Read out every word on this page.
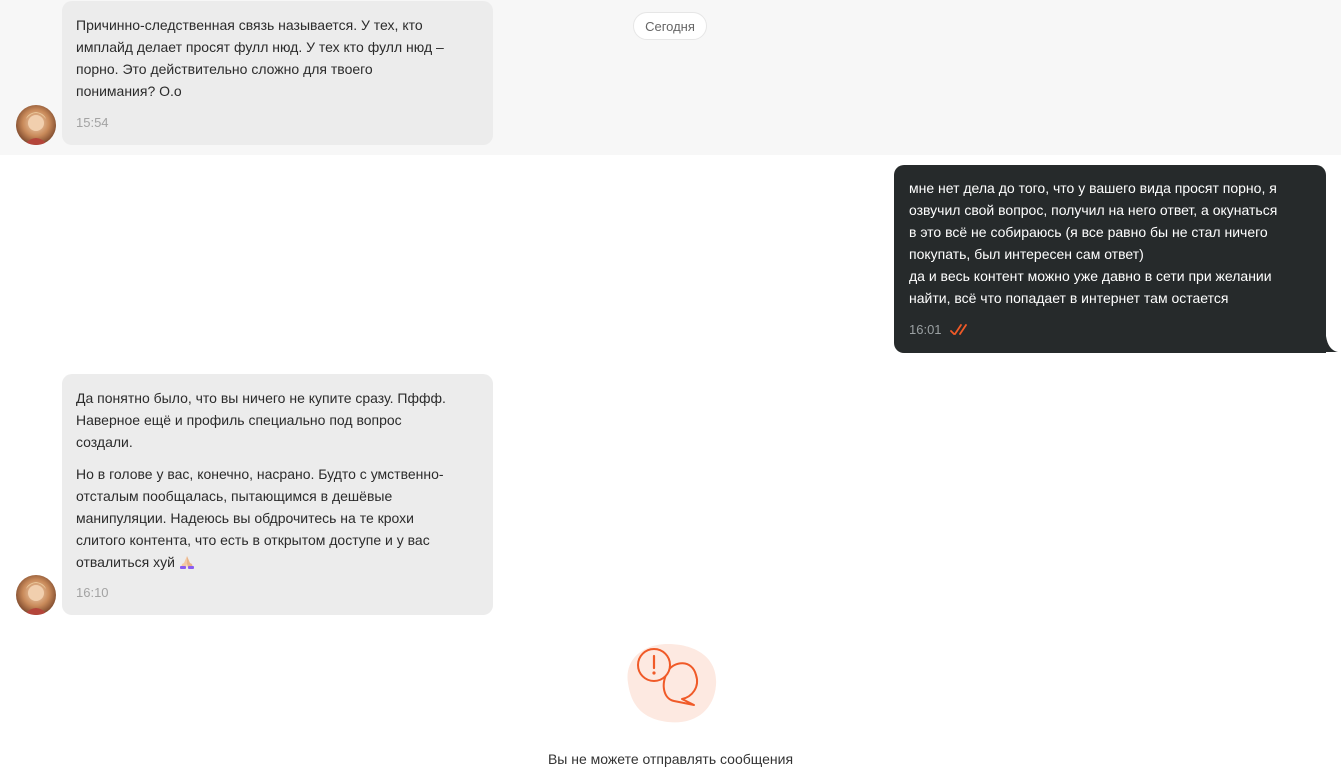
Сегодня

Причинно-следственная связь называется. У тех, кто
имплайд делает просят фулл нюд. У тех кто фулл нюд –
порно. Это действительно сложно для твоего
понимания? О.о

15:54

мне нет дела до того, что у вашего вида просят порно, я
озвучил свой вопрос, получил на него ответ, а окунаться
в это всё не собираюсь (я все равно бы не стал ничего
покупать, был интересен сам ответ)
да и весь контент можно уже давно в сети при желании
найти, всё что попадает в интернет там остается

16:01

Да понятно было, что вы ничего не купите сразу. Пффф.
Наверное ещё и профиль специально под вопрос
создали.

Но в голове у вас, конечно, насрано. Будто с умственно-
отсталым пообщалась, пытающимся в дешёвые
манипуляции. Надеюсь вы обдрочитесь на те крохи
слитого контента, что есть в открытом доступе и у вас
отвалиться хуй

16:10
Вы не можете отправлять сообщения
